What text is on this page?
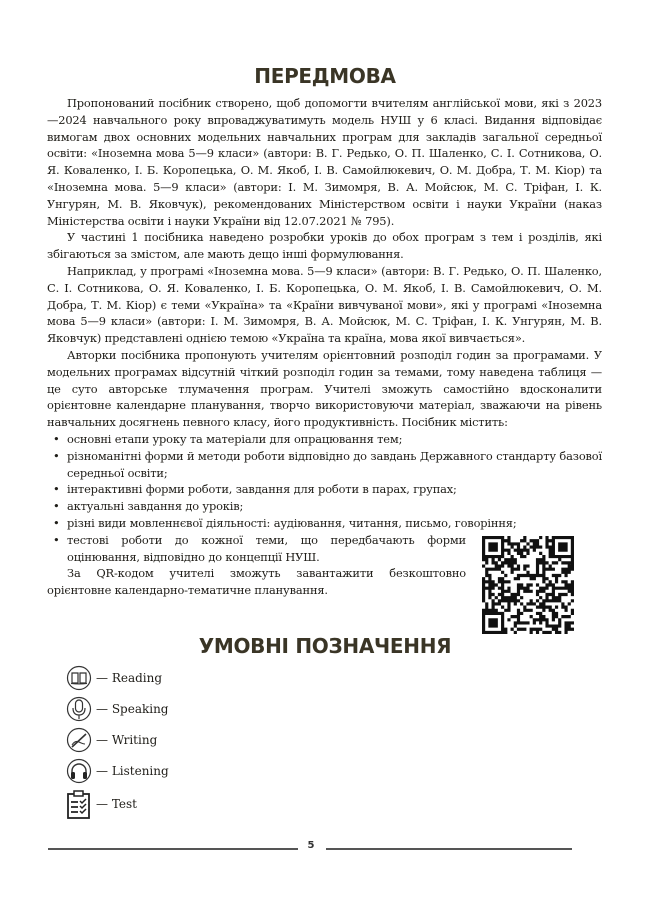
ПЕРЕДМОВА

Пропонований посібник створено, щоб допомогти вчителям англійської мови, які з 2023—2024 навчального року впроваджуватимуть модель НУШ у 6 класі. Видання відповідає вимогам двох основних модельних навчальних програм для закладів загальної середньої освіти: «Іноземна мова 5—9 класи» (автори: В. Г. Редько, О. П. Шаленко, С. І. Сотникова, О. Я. Коваленко, І. Б. Коропецька, О. М. Якоб, І. В. Самойлюкевич, О. М. Добра, Т. М. Кіор) та «Іноземна мова. 5—9 класи» (автори: І. М. Зимомря, В. А. Мойсюк, М. С. Тріфан, І. К. Унгурян, М. В. Яковчук), рекомендованих Міністерством освіти і науки України (наказ Міністерства освіти і науки України від 12.07.2021 № 795).

У частині 1 посібника наведено розробки уроків до обох програм з тем і розділів, які збігаються за змістом, але мають дещо інші формулювання.

Наприклад, у програмі «Іноземна мова. 5—9 класи» (автори: В. Г. Редько, О. П. Шаленко, С. І. Сотникова, О. Я. Коваленко, І. Б. Коропецька, О. М. Якоб, І. В. Самойлюкевич, О. М. Добра, Т. М. Кіор) є теми «Україна» та «Країни вивчуваної мови», які у програмі «Іноземна мова 5—9 класи» (автори: І. М. Зимомря, В. А. Мойсюк, М. С. Тріфан, І. К. Унгурян, М. В. Яковчук) представлені однією темою «Україна та країна, мова якої вивчається».

Авторки посібника пропонують учителям орієнтовний розподіл годин за програмами. У модельних програмах відсутній чіткий розподіл годин за темами, тому наведена таблиця — це суто авторське тлумачення програм. Учителі зможуть самостійно вдосконалити орієнтовне календарне планування, творчо використовуючи матеріал, зважаючи на рівень навчальних досягнень певного класу, його продуктивність. Посібник містить:

• основні етапи уроку та матеріали для опрацювання тем;
• різноманітні форми й методи роботи відповідно до завдань Державного стандарту базової середньої освіти;
• інтерактивні форми роботи, завдання для роботи в парах, групах;
• актуальні завдання до уроків;
• різні види мовленнєвої діяльності: аудіювання, читання, письмо, говоріння;
• тестові роботи до кожної теми, що передбачають форми оцінювання, відповідно до концепції НУШ.

За QR-кодом учителі зможуть завантажити безкоштовно орієнтовне календарно-тематичне планування.

УМОВНІ ПОЗНАЧЕННЯ
— Reading
— Speaking
— Writing
— Listening
— Test
5
